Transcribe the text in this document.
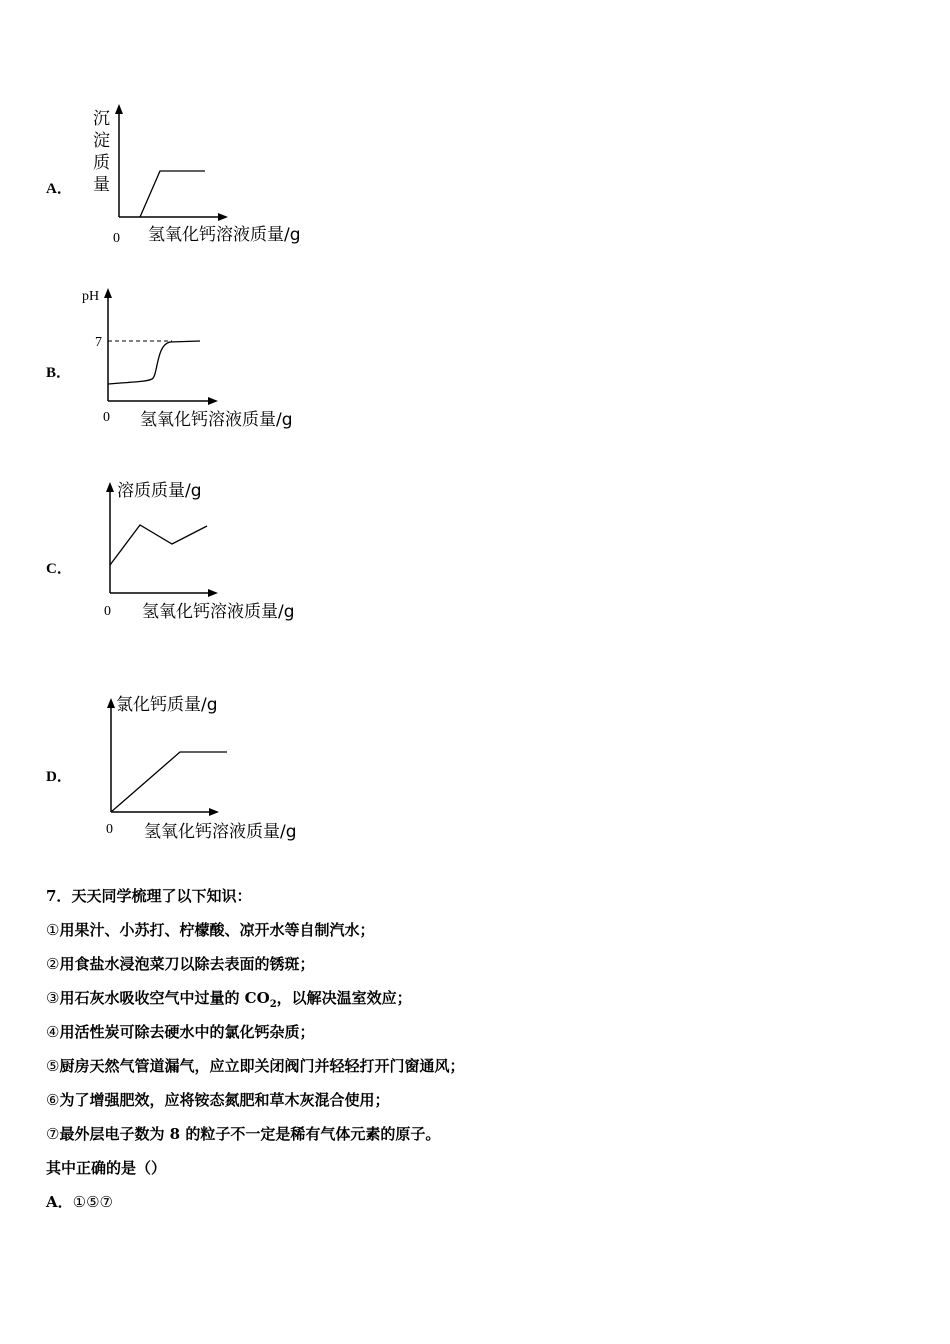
A．
沉
淀
质
量
0 氢氧化钙溶液质量/g
B．
pH
7
0 氢氧化钙溶液质量/g
C．
溶质质量/g
0 氢氧化钙溶液质量/g
D．
氯化钙质量/g
0 氢氧化钙溶液质量/g
7．天天同学梳理了以下知识：
①用果汁、小苏打、柠檬酸、凉开水等自制汽水；
②用食盐水浸泡菜刀以除去表面的锈斑；
③用石灰水吸收空气中过量的 $CO_2$，以解决温室效应；
④用活性炭可除去硬水中的氯化钙杂质；
⑤厨房天然气管道漏气，应立即关闭阀门并轻轻打开门窗通风；
⑥为了增强肥效，应将铵态氮肥和草木灰混合使用；
⑦最外层电子数为 8 的粒子不一定是稀有气体元素的原子。
其中正确的是（）
A．①⑤⑦
